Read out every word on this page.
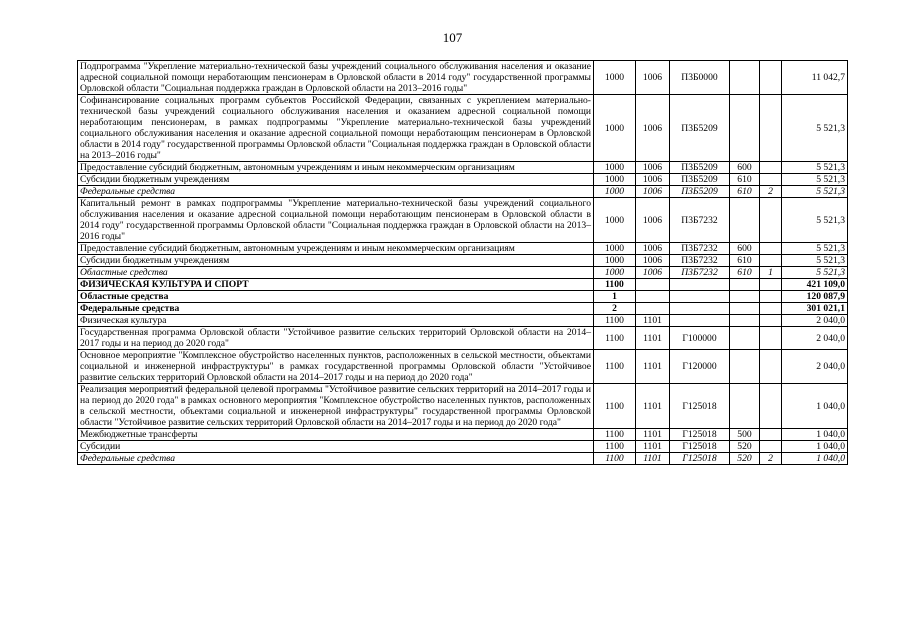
107
Подпрограмма "Укрепление материально-технической базы учреждений социального обслуживания населения и оказание адресной социальной помощи неработающим пенсионерам в Орловской области в 2014 году" государственной программы Орловской области "Социальная поддержка граждан в Орловской области на 2013–2016 годы"	1000	1006	П3Б0000			11 042,7
Софинансирование социальных программ субъектов Российской Федерации, связанных с укреплением материально-технической базы учреждений социального обслуживания населения и оказанием адресной социальной помощи неработающим пенсионерам, в рамках подпрограммы "Укрепление материально-технической базы учреждений социального обслуживания населения и оказание адресной социальной помощи неработающим пенсионерам в Орловской области в 2014 году" государственной программы Орловской области "Социальная поддержка граждан в Орловской области на 2013–2016 годы"	1000	1006	П3Б5209			5 521,3
Предоставление субсидий бюджетным, автономным учреждениям и иным некоммерческим организациям	1000	1006	П3Б5209	600		5 521,3
Субсидии бюджетным учреждениям	1000	1006	П3Б5209	610		5 521,3
Федеральные средства	1000	1006	П3Б5209	610	2	5 521,3
Капитальный ремонт в рамках подпрограммы "Укрепление материально-технической базы учреждений социального обслуживания населения и оказание адресной социальной помощи неработающим пенсионерам в Орловской области в 2014 году" государственной программы Орловской области "Социальная поддержка граждан в Орловской области на 2013–2016 годы"	1000	1006	П3Б7232			5 521,3
Предоставление субсидий бюджетным, автономным учреждениям и иным некоммерческим организациям	1000	1006	П3Б7232	600		5 521,3
Субсидии бюджетным учреждениям	1000	1006	П3Б7232	610		5 521,3
Областные средства	1000	1006	П3Б7232	610	1	5 521,3
ФИЗИЧЕСКАЯ КУЛЬТУРА И СПОРТ	1100					421 109,0
Областные средства	1					120 087,9
Федеральные средства	2					301 021,1
Физическая культура	1100	1101				2 040,0
Государственная программа Орловской области "Устойчивое развитие сельских территорий Орловской области на 2014–2017 годы и на период до 2020 года"	1100	1101	Г100000			2 040,0
Основное мероприятие "Комплексное обустройство населенных пунктов, расположенных в сельской местности, объектами социальной и инженерной инфраструктуры" в рамках государственной программы Орловской области "Устойчивое развитие сельских территорий Орловской области на 2014–2017 годы и на период до 2020 года"	1100	1101	Г120000			2 040,0
Реализация мероприятий федеральной целевой программы "Устойчивое развитие сельских территорий на 2014–2017 годы и на период до 2020 года" в рамках основного мероприятия "Комплексное обустройство населенных пунктов, расположенных в сельской местности, объектами социальной и инженерной инфраструктуры" государственной программы Орловской области "Устойчивое развитие сельских территорий Орловской области на 2014–2017 годы и на период до 2020 года"	1100	1101	Г125018			1 040,0
Межбюджетные трансферты	1100	1101	Г125018	500		1 040,0
Субсидии	1100	1101	Г125018	520		1 040,0
Федеральные средства	1100	1101	Г125018	520	2	1 040,0
